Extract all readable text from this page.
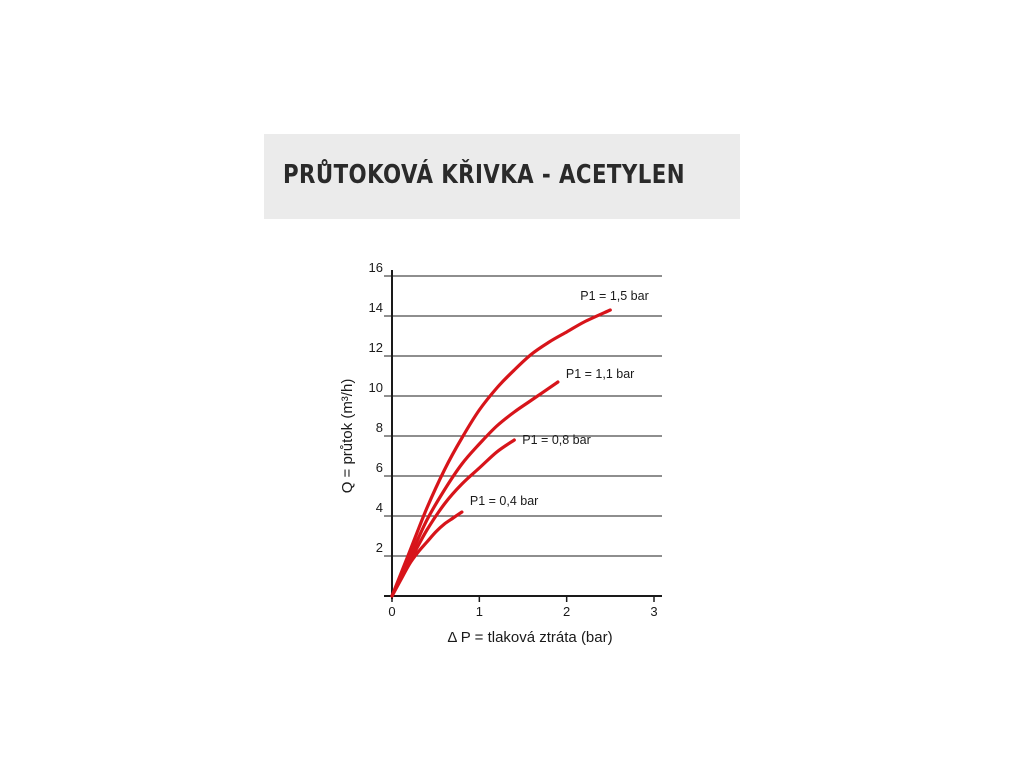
PRŮTOKOVÁ KŘIVKA - ACETYLEN
2
4
6
8
10
12
14
16
0	1	2	3
Δ P = tlaková ztráta (bar)
Q = průtok (m³/h)
P1 = 0,4 bar
P1 = 0,8 bar
P1 = 1,1 bar
P1 = 1,5 bar
